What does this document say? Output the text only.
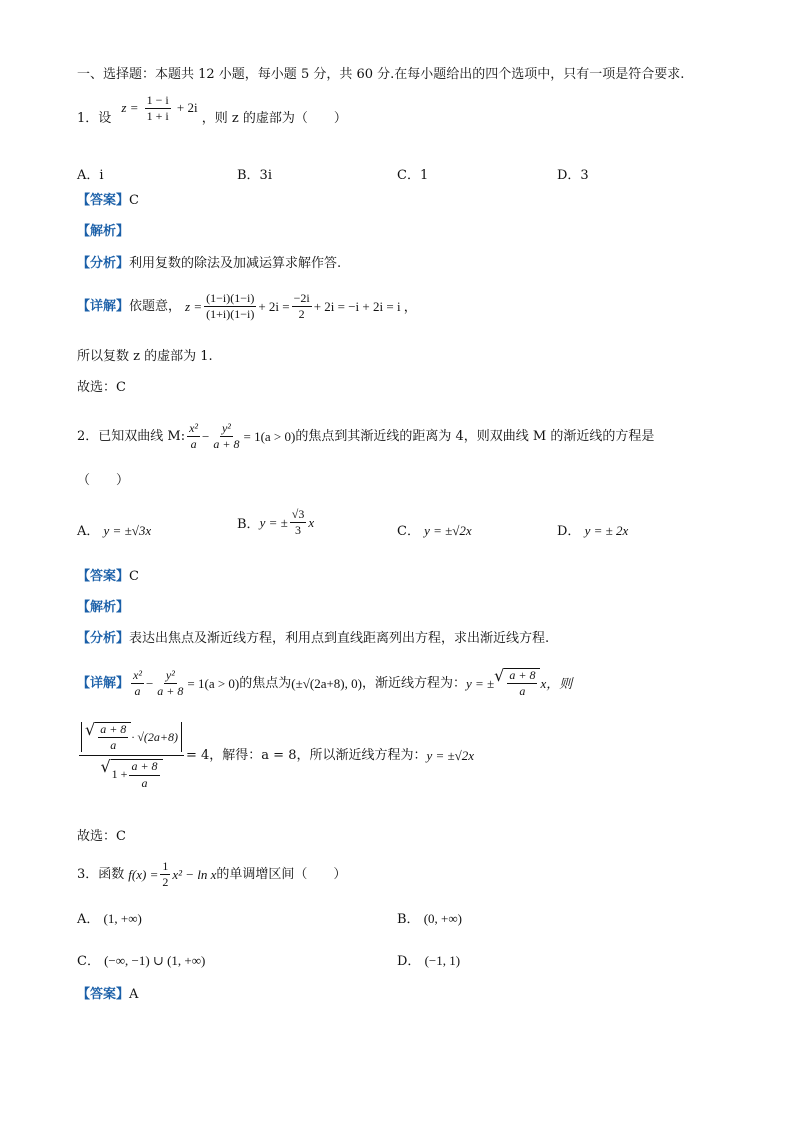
一、选择题：本题共 12 小题，每小题 5 分，共 60 分.在每小题给出的四个选项中，只有一项是符合要求.
1．设 $z = \frac{1 - i}{1 + i} + 2i$ ，则 z 的虚部为（　　）
A．i	B．3i	C．1	D．3
【答案】C
【解析】
【分析】利用复数的除法及加减运算求解作答.
【详解】 依题意， $z = \frac{(1-i)(1-i)}{(1+i)(1-i)} + 2i = \frac{-2i}{2} + 2i = -i + 2i = i$ ，
所以复数 z 的虚部为 1.
故选：C
2．已知双曲线 M: $\frac{\text{x²}}{a} - \frac{\text{y²}}{a + 8} = 1(a > 0)$ 的焦点到其渐近线的距离为 4，则双曲线 M 的渐近线的方程是
（　　）
A． y = ±√3x	B． y = ± $\frac{√3}{3}$ x
C． y = ±√2x	D． y = ± 2x
【答案】C
【解析】
【分析】表达出焦点及渐近线方程，利用点到直线距离列出方程，求出渐近线方程.
【详解】 $\frac{\text{x²}}{a} - \frac{\text{y²}}{a + 8} = 1(a > 0)$ 的焦点为 (±√(2a+8), 0) ，渐近线方程为： y = ± √ $\frac{a + 8}{a}$ x，则
$\frac{√ \frac{a + 8}{a} \cdot √(2a+8)}{√ 1 + \frac{a + 8}{a}} = 4$，解得：a = 8，所以渐近线方程为： y = ±√2x
故选：C
3．函数 $f(x) = \frac{1}{2} x^2 - \ln x$ 的单调增区间（　　）
A． (1, +∞)	B． (0, +∞)
C． (−∞, −1) ∪ (1, +∞)	D． (−1, 1)
【答案】A
